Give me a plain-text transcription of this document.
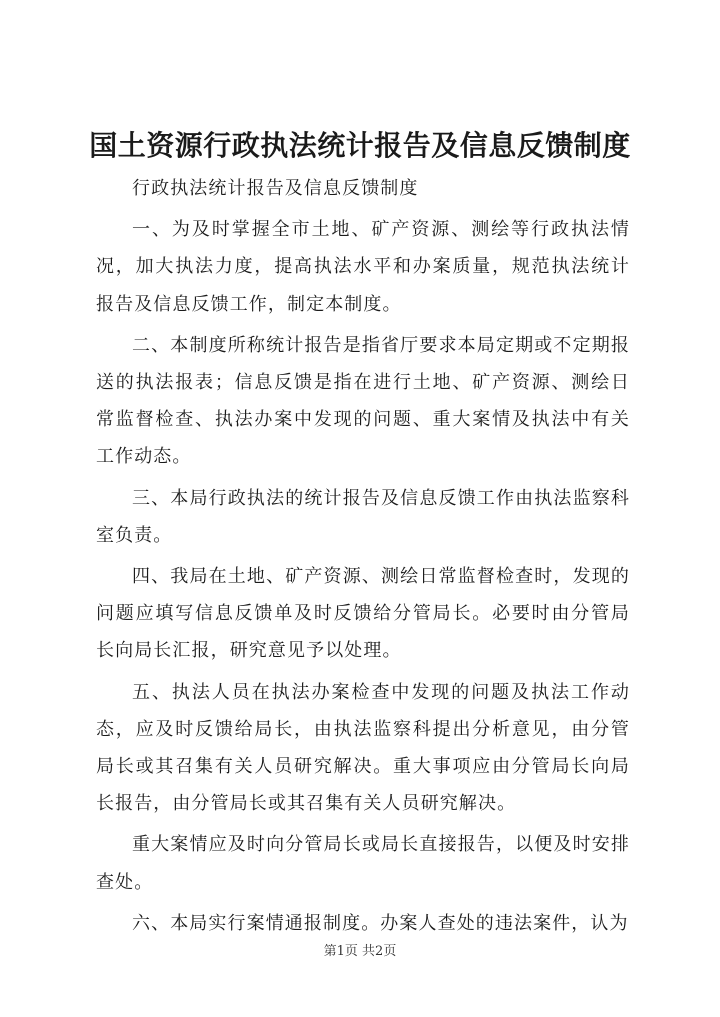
国土资源行政执法统计报告及信息反馈制度

行政执法统计报告及信息反馈制度

一、为及时掌握全市土地、矿产资源、测绘等行政执法情况，加大执法力度，提高执法水平和办案质量，规范执法统计报告及信息反馈工作，制定本制度。

二、本制度所称统计报告是指省厅要求本局定期或不定期报送的执法报表；信息反馈是指在进行土地、矿产资源、测绘日常监督检查、执法办案中发现的问题、重大案情及执法中有关工作动态。

三、本局行政执法的统计报告及信息反馈工作由执法监察科室负责。

四、我局在土地、矿产资源、测绘日常监督检查时，发现的问题应填写信息反馈单及时反馈给分管局长。必要时由分管局长向局长汇报，研究意见予以处理。

五、执法人员在执法办案检查中发现的问题及执法工作动态，应及时反馈给局长，由执法监察科提出分析意见，由分管局长或其召集有关人员研究解决。重大事项应由分管局长向局长报告，由分管局长或其召集有关人员研究解决。

重大案情应及时向分管局长或局长直接报告，以便及时安排查处。

六、本局实行案情通报制度。办案人查处的违法案件，认为

第1页 共2页
